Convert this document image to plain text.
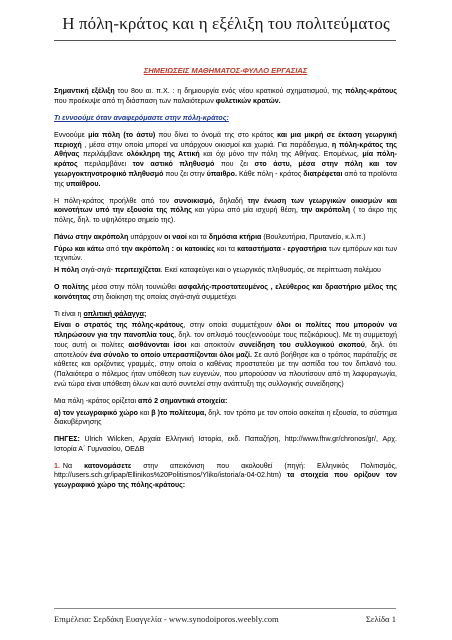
Η πόλη-κράτος και η εξέλιξη του πολιτεύματος

ΣΗΜΕΙΩΣΕΙΣ ΜΑΘΗΜΑΤΟΣ-ΦΥΛΛΟ ΕΡΓΑΣΙΑΣ

Σημαντική εξέλιξη του 8ου αι. π.Χ. : η δημιουργία ενός νέου κρατικού σχηματισμού, της πόλης-κράτους που προέκυψε από τη διάσπαση των παλαιότερων φυλετικών κρατών.

Τι εννοούμε όταν αναφερόμαστε στην πόλη-κράτος:

Εννοούμε μία πόλη (το άστυ) που δίνει το όνομά της στο κράτος και μια μικρή σε έκταση γεωργική περιοχή , μέσα στην οποία μπορεί να υπάρχουν οικισμοί και χωριά. Για παράδειγμα, η πόλη-κράτος της Αθήνας περιλάμβανε ολόκληρη της Αττική και όχι μόνο την πόλη της Αθήνας. Επομένως, μία πόλη-κράτος περιλαμβάνει τον αστικό πληθυσμό που ζει στο άστυ, μέσα στην πόλη και τον γεωργοκτηνοτροφικό πληθυσμό που ζει στην ύπαιθρο. Κάθε πόλη - κράτος διατρέφεται από τα προϊόντα της υπαίθρου.

Η πόλη-κράτος προήλθε από τον συνοικισμό, δηλαδή την ένωση των γεωργικών οικισμών και κοινοτήτων υπό την εξουσία της πόλης και γύρω από μία ισχυρή θέση, την ακρόπολη ( το άκρο της πόλης, δηλ. το υψηλότερο σημείο της).

Πάνω στην ακρόπολη υπάρχουν οι ναοί και τα δημόσια κτήρια (Βουλευτήρια, Πρυτανείο, κ.λ.π.)

Γύρω και κάτω από την ακρόπολη : οι κατοικίες και τα καταστήματα - εργαστήρια των εμπόρων και των τεχνιτών.

Η πόλη σιγά-σιγά- περιτειχίζεται. Εκεί καταφεύγει και ο γεωργικός πληθυσμός, σε περίπτωση πολέμου

Ο πολίτης μέσα στην πόλη τουνιώθει ασφαλής-προστατευμένος , ελεύθερος και δραστήριο μέλος της κοινότητας στη διοίκηση της οποίας σιγά-σιγά συμμετέχει

Τι είναι η οπλιτική φάλαγγα;

Είναι ο στρατός της πόλης-κράτους, στην οποία συμμετέχουν όλοι οι πολίτες που μπορούν να πληρώσουν για την πανοπλία τους, δηλ. τον οπλισμό τους(εννοούμε τους πεζικάριους). Με τη συμμετοχή τους αυτή οι πολίτες αισθάνονται ίσοι και αποκτούν συνείδηση του συλλογικού σκοπού, δηλ. ότι αποτελούν ένα σύνολο το οποίο υπερασπίζονται όλοι μαζί. Σε αυτό βοήθησε και ο τρόπος παράταξής σε κάθετες και οριζόντιες γραμμές, στην οποία ο καθένας προστατεύει με την ασπίδα του τον διπλανό του.(Παλαιότερα ο πόλεμος ήταν υπόθεση των ευγενών, που μπορούσαν να πλουτίσουν από τη λαφυραγωγία, ενώ τώρα είναι υπόθεση όλων και αυτό συντελεί στην ανάπτυξη της συλλογικής συνείδησης)

Μια πόλη -κράτος ορίζεται από 2 σημαντικά στοιχεία:

α) τον γεωγραφικό χώρο και β )το πολίτευμα, δηλ. τον τρόπο με τον οποίο ασκείται η εξουσία, το σύστημα διακυβέρνησης

ΠΗΓΕΣ: Ulrich Wilcken, Αρχαία Ελληνική Ιστορία, εκδ. Παπαζήση, http://www.fhw.gr/chronos/gr/, Αρχ. Ιστορία Α΄ Γυμνασίου, ΟΕΔΒ

1. Να κατονομάσετε στην απεικόνιση που ακολουθεί (πηγή: Ελληνικός Πολιτισμός, http://users.sch.gr/ipap/Ellinikos%20Politismos/Yliko/istoria/a-04-02.htm) τα στοιχεία που ορίζουν τον γεωγραφικό χώρο της πόλης-κράτους:

Επιμέλεια: Σερδάκη Ευαγγελία - www.synodoiporos.weebly.com	Σελίδα 1
